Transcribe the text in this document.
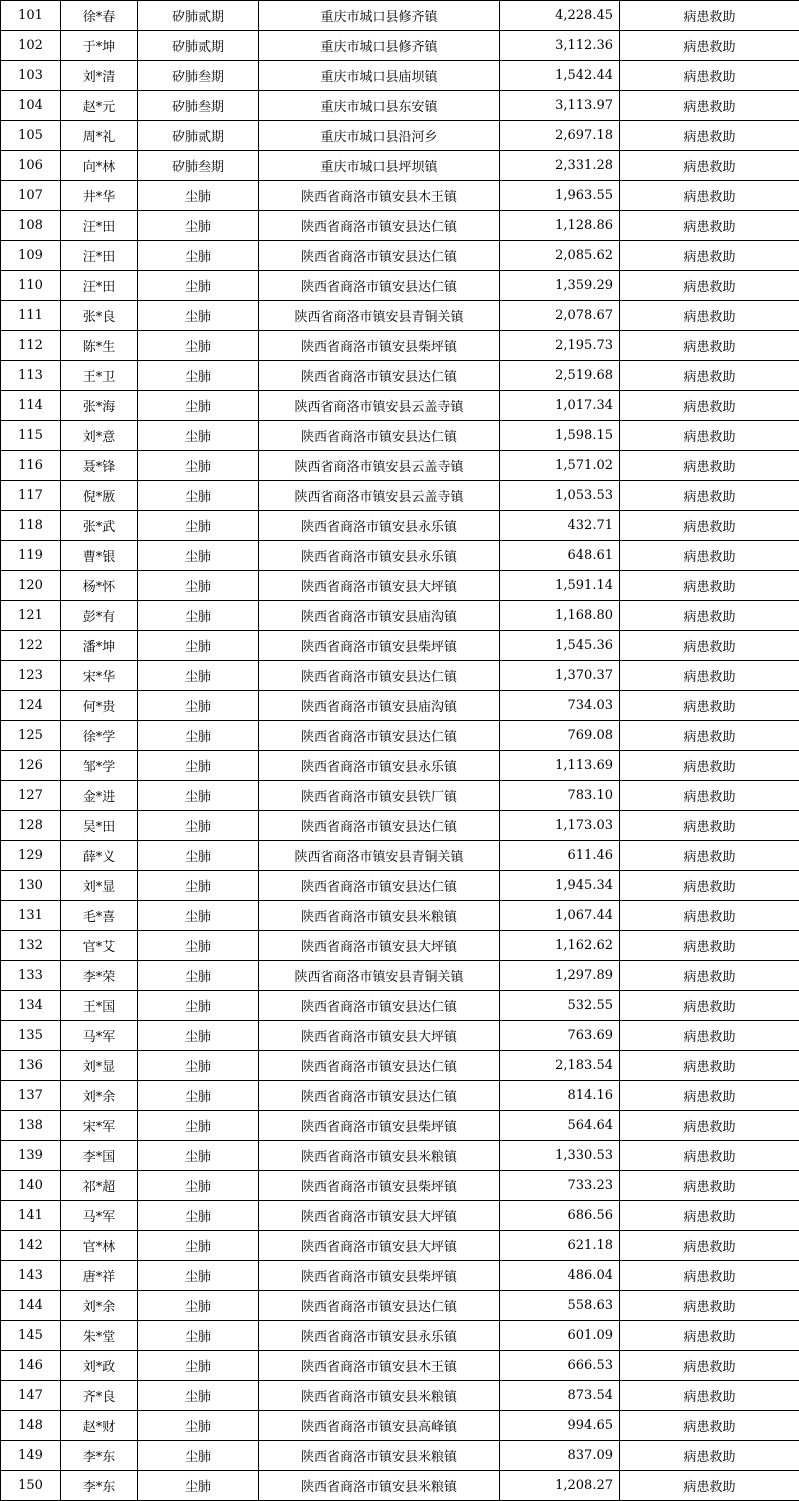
101	徐*春	矽肺贰期	重庆市城口县修齐镇	4,228.45	病患救助
102	于*坤	矽肺贰期	重庆市城口县修齐镇	3,112.36	病患救助
103	刘*清	矽肺叁期	重庆市城口县庙坝镇	1,542.44	病患救助
104	赵*元	矽肺叁期	重庆市城口县东安镇	3,113.97	病患救助
105	周*礼	矽肺贰期	重庆市城口县沿河乡	2,697.18	病患救助
106	向*林	矽肺叁期	重庆市城口县坪坝镇	2,331.28	病患救助
107	井*华	尘肺	陕西省商洛市镇安县木王镇	1,963.55	病患救助
108	汪*田	尘肺	陕西省商洛市镇安县达仁镇	1,128.86	病患救助
109	汪*田	尘肺	陕西省商洛市镇安县达仁镇	2,085.62	病患救助
110	汪*田	尘肺	陕西省商洛市镇安县达仁镇	1,359.29	病患救助
111	张*良	尘肺	陕西省商洛市镇安县青铜关镇	2,078.67	病患救助
112	陈*生	尘肺	陕西省商洛市镇安县柴坪镇	2,195.73	病患救助
113	王*卫	尘肺	陕西省商洛市镇安县达仁镇	2,519.68	病患救助
114	张*海	尘肺	陕西省商洛市镇安县云盖寺镇	1,017.34	病患救助
115	刘*意	尘肺	陕西省商洛市镇安县达仁镇	1,598.15	病患救助
116	聂*锋	尘肺	陕西省商洛市镇安县云盖寺镇	1,571.02	病患救助
117	倪*厫	尘肺	陕西省商洛市镇安县云盖寺镇	1,053.53	病患救助
118	张*武	尘肺	陕西省商洛市镇安县永乐镇	432.71	病患救助
119	曹*银	尘肺	陕西省商洛市镇安县永乐镇	648.61	病患救助
120	杨*怀	尘肺	陕西省商洛市镇安县大坪镇	1,591.14	病患救助
121	彭*有	尘肺	陕西省商洛市镇安县庙沟镇	1,168.80	病患救助
122	潘*坤	尘肺	陕西省商洛市镇安县柴坪镇	1,545.36	病患救助
123	宋*华	尘肺	陕西省商洛市镇安县达仁镇	1,370.37	病患救助
124	何*贵	尘肺	陕西省商洛市镇安县庙沟镇	734.03	病患救助
125	徐*学	尘肺	陕西省商洛市镇安县达仁镇	769.08	病患救助
126	邹*学	尘肺	陕西省商洛市镇安县永乐镇	1,113.69	病患救助
127	金*进	尘肺	陕西省商洛市镇安县铁厂镇	783.10	病患救助
128	吴*田	尘肺	陕西省商洛市镇安县达仁镇	1,173.03	病患救助
129	薛*义	尘肺	陕西省商洛市镇安县青铜关镇	611.46	病患救助
130	刘*显	尘肺	陕西省商洛市镇安县达仁镇	1,945.34	病患救助
131	毛*喜	尘肺	陕西省商洛市镇安县米粮镇	1,067.44	病患救助
132	官*艾	尘肺	陕西省商洛市镇安县大坪镇	1,162.62	病患救助
133	李*荣	尘肺	陕西省商洛市镇安县青铜关镇	1,297.89	病患救助
134	王*国	尘肺	陕西省商洛市镇安县达仁镇	532.55	病患救助
135	马*军	尘肺	陕西省商洛市镇安县大坪镇	763.69	病患救助
136	刘*显	尘肺	陕西省商洛市镇安县达仁镇	2,183.54	病患救助
137	刘*余	尘肺	陕西省商洛市镇安县达仁镇	814.16	病患救助
138	宋*军	尘肺	陕西省商洛市镇安县柴坪镇	564.64	病患救助
139	李*国	尘肺	陕西省商洛市镇安县米粮镇	1,330.53	病患救助
140	祁*超	尘肺	陕西省商洛市镇安县柴坪镇	733.23	病患救助
141	马*军	尘肺	陕西省商洛市镇安县大坪镇	686.56	病患救助
142	官*林	尘肺	陕西省商洛市镇安县大坪镇	621.18	病患救助
143	唐*祥	尘肺	陕西省商洛市镇安县柴坪镇	486.04	病患救助
144	刘*余	尘肺	陕西省商洛市镇安县达仁镇	558.63	病患救助
145	朱*堂	尘肺	陕西省商洛市镇安县永乐镇	601.09	病患救助
146	刘*政	尘肺	陕西省商洛市镇安县木王镇	666.53	病患救助
147	齐*良	尘肺	陕西省商洛市镇安县米粮镇	873.54	病患救助
148	赵*财	尘肺	陕西省商洛市镇安县高峰镇	994.65	病患救助
149	李*东	尘肺	陕西省商洛市镇安县米粮镇	837.09	病患救助
150	李*东	尘肺	陕西省商洛市镇安县米粮镇	1,208.27	病患救助
